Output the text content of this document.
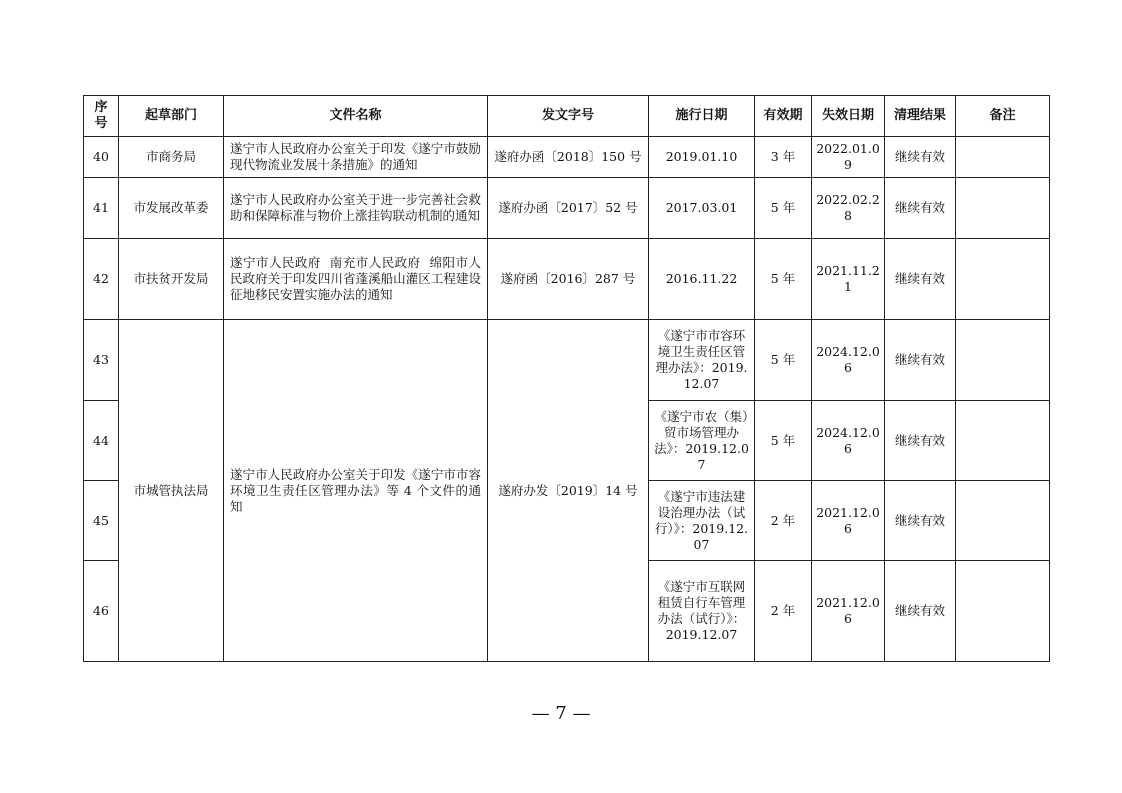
序号	起草部门	文件名称	发文字号	施行日期	有效期	失效日期	清理结果	备注
40	市商务局	遂宁市人民政府办公室关于印发《遂宁市鼓励现代物流业发展十条措施》的通知	遂府办函〔2018〕150 号	2019.01.10	3 年	2022.01.09	继续有效	
41	市发展改革委	遂宁市人民政府办公室关于进一步完善社会救助和保障标准与物价上涨挂钩联动机制的通知	遂府办函〔2017〕52 号	2017.03.01	5 年	2022.02.28	继续有效	
42	市扶贫开发局	遂宁市人民政府  南充市人民政府  绵阳市人民政府关于印发四川省蓬溪船山灌区工程建设征地移民安置实施办法的通知	遂府函〔2016〕287 号	2016.11.22	5 年	2021.11.21	继续有效	
43	市城管执法局	遂宁市人民政府办公室关于印发《遂宁市市容环境卫生责任区管理办法》等 4 个文件的通知	遂府办发〔2019〕14 号	《遂宁市市容环境卫生责任区管理办法》：2019.12.07	5 年	2024.12.06	继续有效	
44				《遂宁市农（集）贸市场管理办法》：2019.12.07	5 年	2024.12.06	继续有效	
45				《遂宁市违法建设治理办法（试行）》：2019.12.07	2 年	2021.12.06	继续有效	
46				《遂宁市互联网租赁自行车管理办法（试行）》：2019.12.07	2 年	2021.12.06	继续有效	
— 7 —
